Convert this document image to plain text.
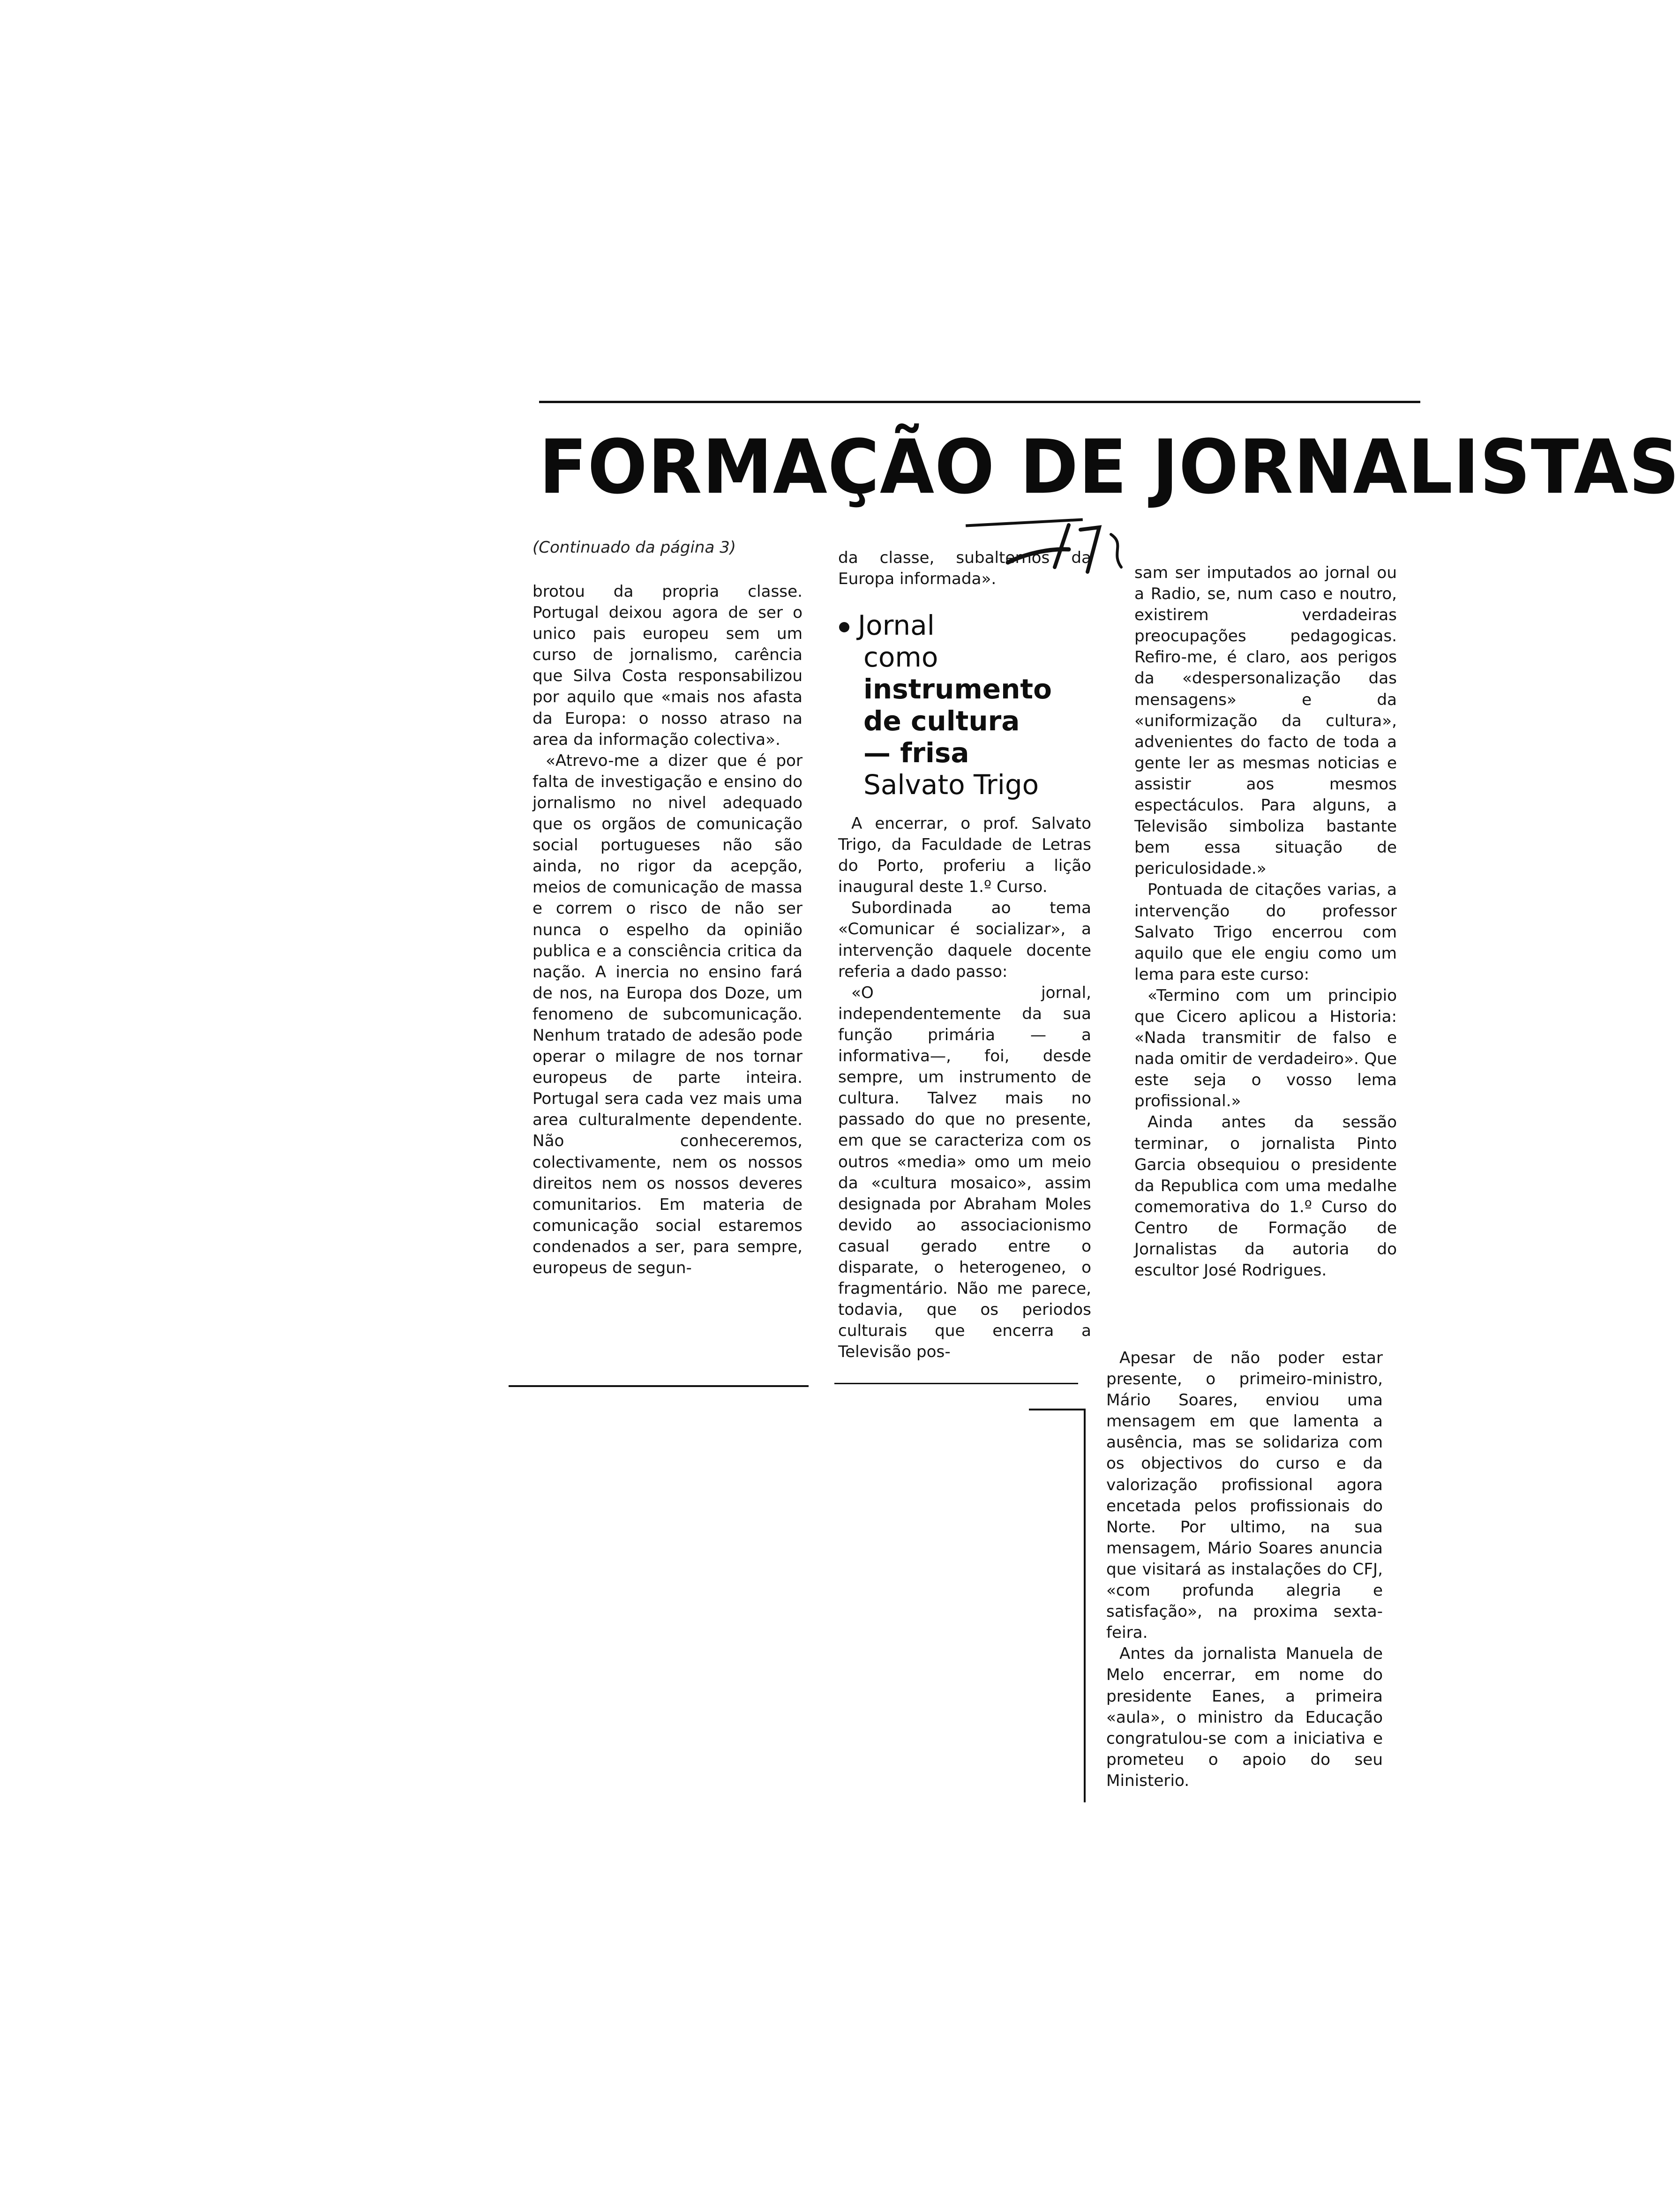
FORMAÇÃO DE JORNALISTAS
(Continuado da página 3)

brotou da propria classe. Portugal deixou agora de ser o unico pais europeu sem um curso de jornalismo, carência que Silva Costa responsabilizou por aquilo que «mais nos afasta da Europa: o nosso atraso na area da informação colectiva».

«Atrevo-me a dizer que é por falta de investigação e ensino do jornalismo no nivel adequado que os orgãos de comunicação social portugueses não são ainda, no rigor da acepção, meios de comunicação de massa e correm o risco de não ser nunca o espelho da opinião publica e a consciência critica da nação. A inercia no ensino fará de nos, na Europa dos Doze, um fenomeno de subcomunicação. Nenhum tratado de adesão pode operar o milagre de nos tornar europeus de parte inteira. Portugal sera cada vez mais uma area culturalmente dependente. Não conheceremos, colectivamente, nem os nossos direitos nem os nossos deveres comunitarios. Em materia de comunicação social estaremos condenados a ser, para sempre, europeus de segun-

da classe, subalternos da Europa informada».

Jornal
como
instrumento
de cultura
— frisa
Salvato Trigo

A encerrar, o prof. Salvato Trigo, da Faculdade de Letras do Porto, proferiu a lição inaugural deste 1.º Curso.

Subordinada ao tema «Comunicar é socializar», a intervenção daquele docente referia a dado passo:

«O jornal, independentemente da sua função primária — a informativa—, foi, desde sempre, um instrumento de cultura. Talvez mais no passado do que no presente, em que se caracteriza com os outros «media» omo um meio da «cultura mosaico», assim designada por Abraham Moles devido ao associacionismo casual gerado entre o disparate, o heterogeneo, o fragmentário. Não me parece, todavia, que os periodos culturais que encerra a Televisão pos-

sam ser imputados ao jornal ou a Radio, se, num caso e noutro, existirem verdadeiras preocupações pedagogicas. Refiro-me, é claro, aos perigos da «despersonalização das mensagens» e da «uniformização da cultura», advenientes do facto de toda a gente ler as mesmas noticias e assistir aos mesmos espectáculos. Para alguns, a Televisão simboliza bastante bem essa situação de periculosidade.»

Pontuada de citações varias, a intervenção do professor Salvato Trigo encerrou com aquilo que ele engiu como um lema para este curso:

«Termino com um principio que Cicero aplicou a Historia: «Nada transmitir de falso e nada omitir de verdadeiro». Que este seja o vosso lema profissional.»

Ainda antes da sessão terminar, o jornalista Pinto Garcia obsequiou o presidente da Republica com uma medalhe comemorativa do 1.º Curso do Centro de Formação de Jornalistas da autoria do escultor José Rodrigues.

Apesar de não poder estar presente, o primeiro-ministro, Mário Soares, enviou uma mensagem em que lamenta a ausência, mas se solidariza com os objectivos do curso e da valorização profissional agora encetada pelos profissionais do Norte. Por ultimo, na sua mensagem, Mário Soares anuncia que visitará as instalações do CFJ, «com profunda alegria e satisfação», na proxima sexta-feira.

Antes da jornalista Manuela de Melo encerrar, em nome do presidente Eanes, a primeira «aula», o ministro da Educação congratulou-se com a iniciativa e prometeu o apoio do seu Ministerio.
